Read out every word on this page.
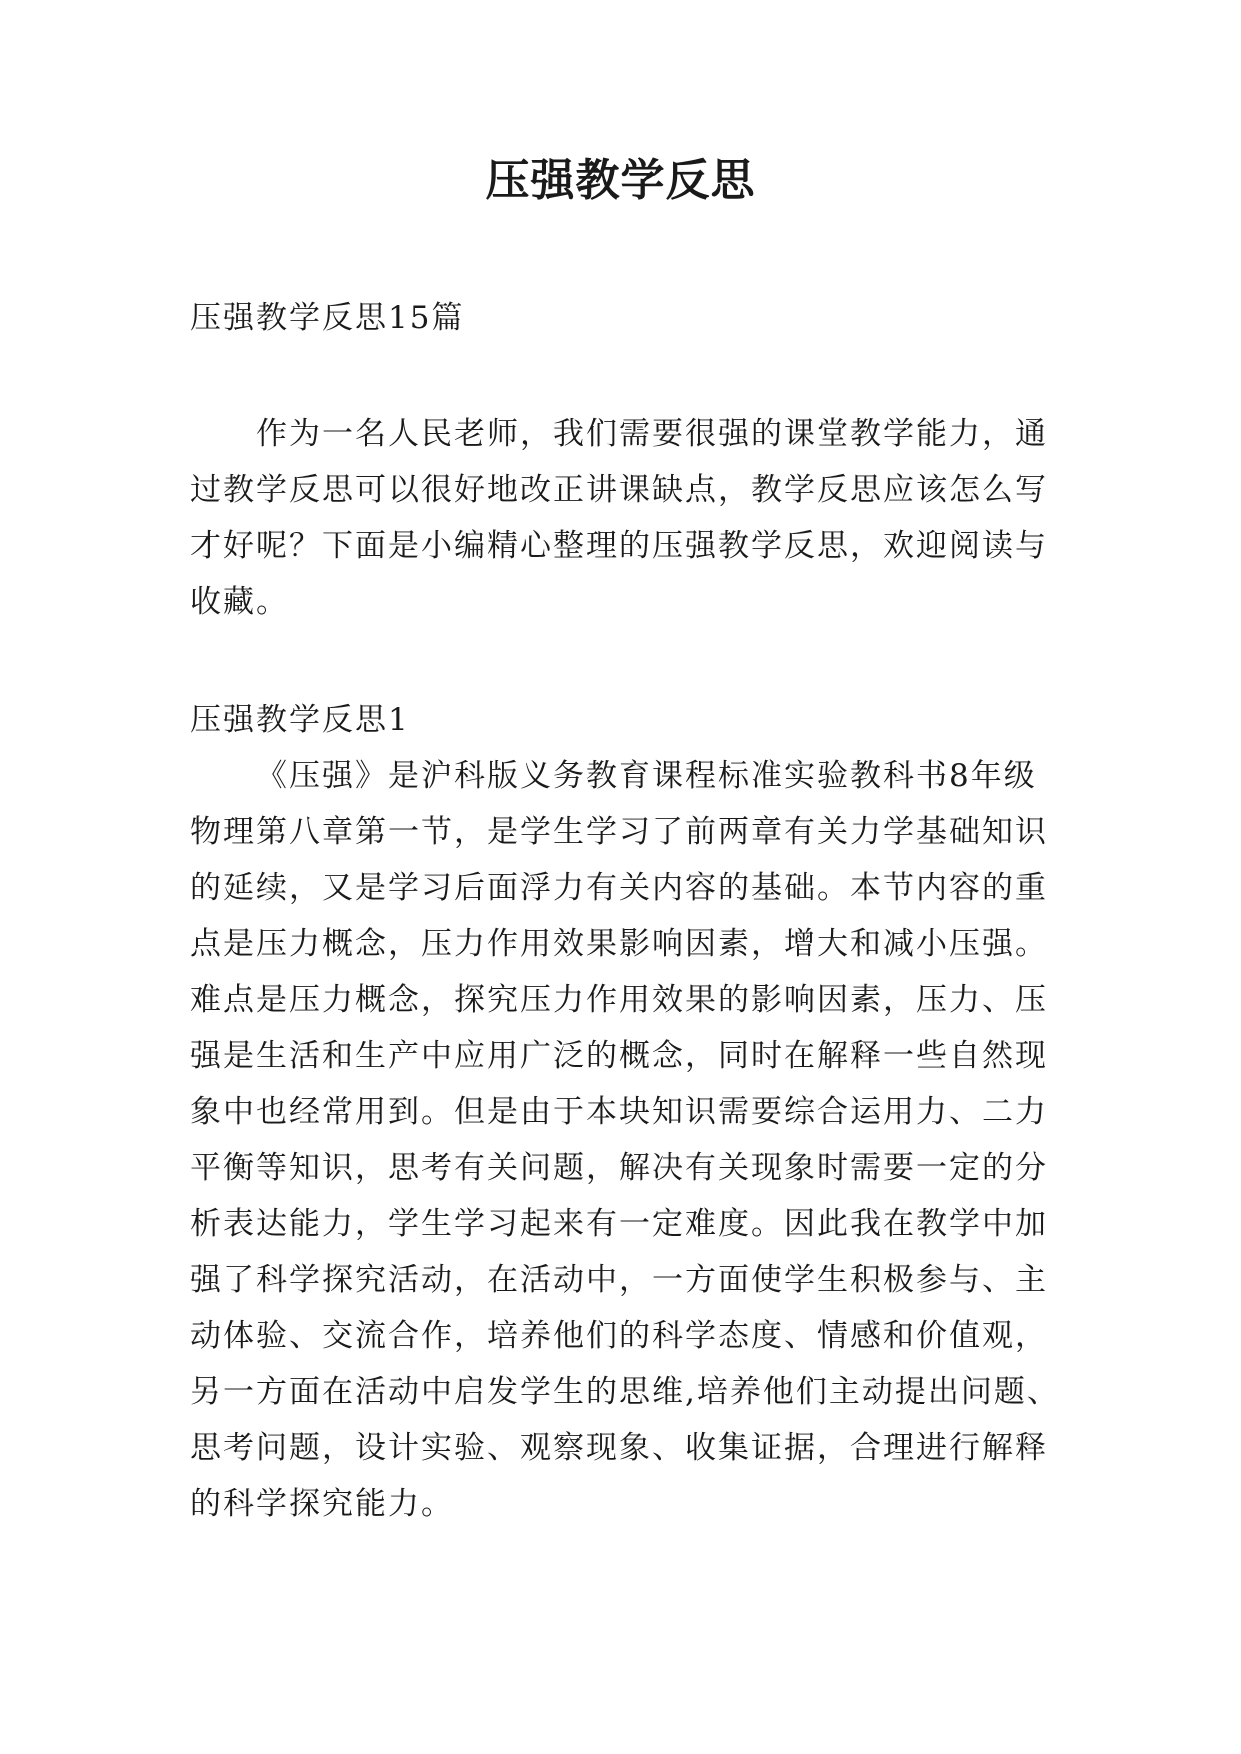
压强教学反思
压强教学反思15篇
作为一名人民老师，我们需要很强的课堂教学能力，通
过教学反思可以很好地改正讲课缺点，教学反思应该怎么写
才好呢？下面是小编精心整理的压强教学反思，欢迎阅读与
收藏。
压强教学反思1
《压强》是沪科版义务教育课程标准实验教科书8年级
物理第八章第一节，是学生学习了前两章有关力学基础知识
的延续，又是学习后面浮力有关内容的基础。本节内容的重
点是压力概念，压力作用效果影响因素，增大和减小压强。
难点是压力概念，探究压力作用效果的影响因素，压力、压
强是生活和生产中应用广泛的概念，同时在解释一些自然现
象中也经常用到。但是由于本块知识需要综合运用力、二力
平衡等知识，思考有关问题，解决有关现象时需要一定的分
析表达能力，学生学习起来有一定难度。因此我在教学中加
强了科学探究活动，在活动中，一方面使学生积极参与、主
动体验、交流合作，培养他们的科学态度、情感和价值观，
另一方面在活动中启发学生的思维,培养他们主动提出问题、
思考问题，设计实验、观察现象、收集证据，合理进行解释
的科学探究能力。
